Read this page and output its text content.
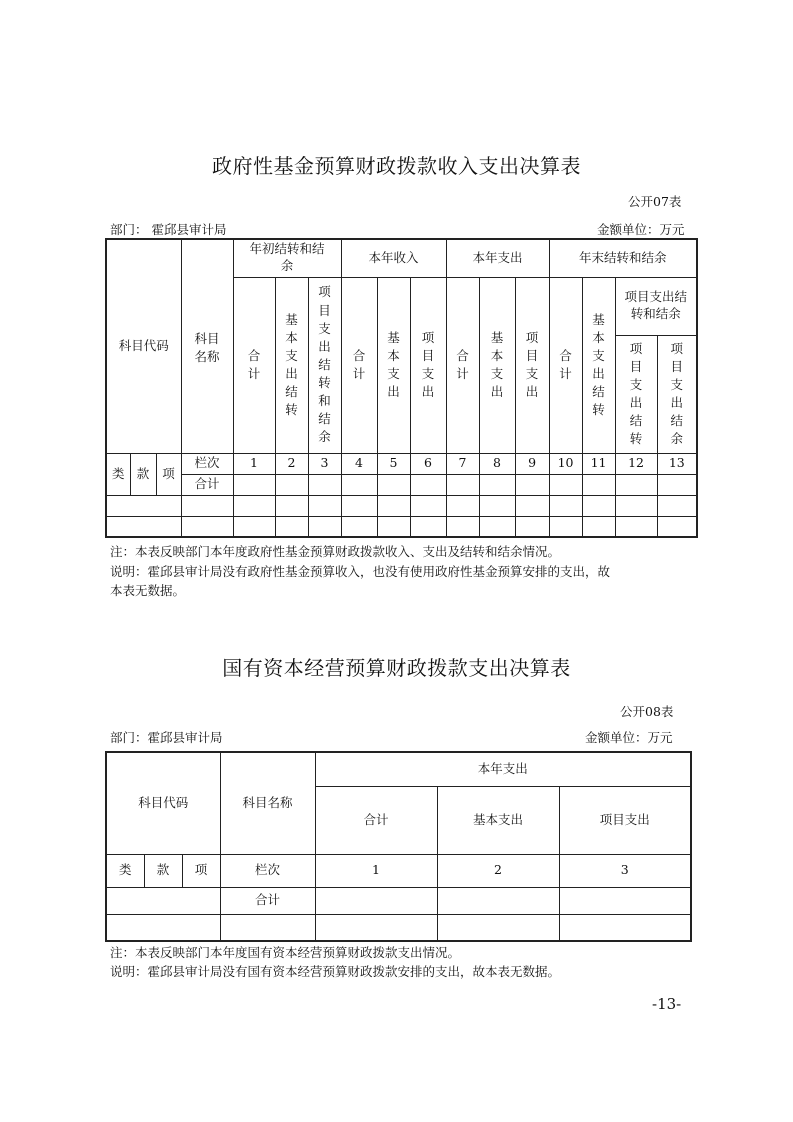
政府性基金预算财政拨款收入支出决算表
公开07表
部门： 霍邱县审计局	金额单位：万元
科目代码			科目名称	年初结转和结余			本年收入			本年支出			年末结转和结余			
				合计	基本支出结转	项目支出结转和结余	合计	基本支出	项目支出	合计	基本支出	项目支出	合计	基本支出结转	项目支出结转和结余	
															项目支出结转	项目支出结余
类	款	项	栏次	1	2	3	4	5	6	7	8	9	10	11	12	13
			合计													

注：本表反映部门本年度政府性基金预算财政拨款收入、支出及结转和结余情况。
说明：霍邱县审计局没有政府性基金预算收入，也没有使用政府性基金预算安排的支出，故
本表无数据。
国有资本经营预算财政拨款支出决算表
公开08表
部门：霍邱县审计局	金额单位：万元
科目代码			科目名称	本年支出		
				合计	基本支出	项目支出
类	款	项	栏次	1	2	3
			合计			

注：本表反映部门本年度国有资本经营预算财政拨款支出情况。
说明：霍邱县审计局没有国有资本经营预算财政拨款安排的支出，故本表无数据。
-13-
